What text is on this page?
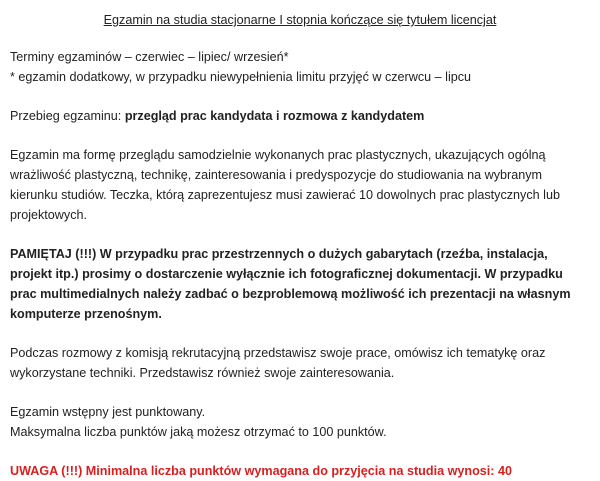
Egzamin na studia stacjonarne I stopnia kończące się tytułem licencjat

Terminy egzaminów – czerwiec – lipiec/ wrzesień*
* egzamin dodatkowy, w przypadku niewypełnienia limitu przyjęć w czerwcu – lipcu

Przebieg egzaminu: przegląd prac kandydata i rozmowa z kandydatem

Egzamin ma formę przeglądu samodzielnie wykonanych prac plastycznych, ukazujących ogólną wrażliwość plastyczną, technikę, zainteresowania i predyspozycje do studiowania na wybranym kierunku studiów. Teczka, którą zaprezentujesz musi zawierać 10 dowolnych prac plastycznych lub projektowych.

PAMIĘTAJ (!!!) W przypadku prac przestrzennych o dużych gabarytach (rzeźba, instalacja, projekt itp.) prosimy o dostarczenie wyłącznie ich fotograficznej dokumentacji. W przypadku prac multimedialnych należy zadbać o bezproblemową możliwość ich prezentacji na własnym komputerze przenośnym.

Podczas rozmowy z komisją rekrutacyjną przedstawisz swoje prace, omówisz ich tematykę oraz wykorzystane techniki. Przedstawisz również swoje zainteresowania.

Egzamin wstępny jest punktowany.
Maksymalna liczba punktów jaką możesz otrzymać to 100 punktów.

UWAGA (!!!) Minimalna liczba punktów wymagana do przyjęcia na studia wynosi: 40
